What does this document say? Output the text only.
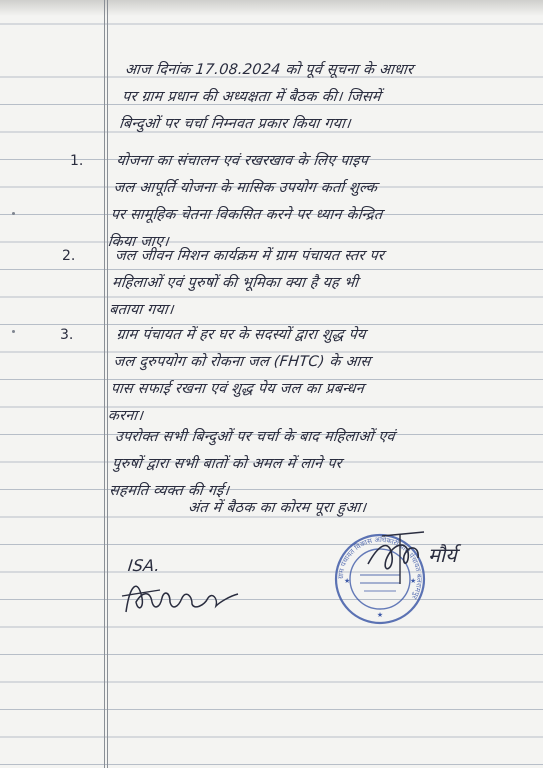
आज दिनांक 17.08.2024 को पूर्व सूचना के आधार
पर ग्राम प्रधान की अध्यक्षता में बैठक की। जिसमें
बिन्दुओं पर चर्चा निम्नवत प्रकार किया गया।
1. योजना का संचालन एवं रखरखाव के लिए पाइप
जल आपूर्ति योजना के मासिक उपयोग कर्ता शुल्क
पर सामूहिक चेतना विकसित करने पर ध्यान केन्द्रित
किया जाए।
2.	जल जीवन मिशन कार्यक्रम में ग्राम पंचायत स्तर पर
महिलाओं एवं पुरुषों की भूमिका क्या है यह भी
बताया गया।
3.	ग्राम पंचायत में हर घर के सदस्यों द्वारा शुद्ध पेय
जल दुरुपयोग को रोकना जल (FHTC) के आस
पास सफाई रखना एवं शुद्ध पेय जल का प्रबन्धन
करना।
उपरोक्त सभी बिन्दुओं पर चर्चा के बाद महिलाओं एवं
पुरुषों द्वारा सभी बातों को अमल में लाने पर
सहमति व्यक्त की गई।
अंत में बैठक का कोरम पूरा हुआ।
ग्राम पंचायत विकास अधिकारी ग्राम पंचायत बलरामपुर
★
★	★
मौर्य
ISA.
